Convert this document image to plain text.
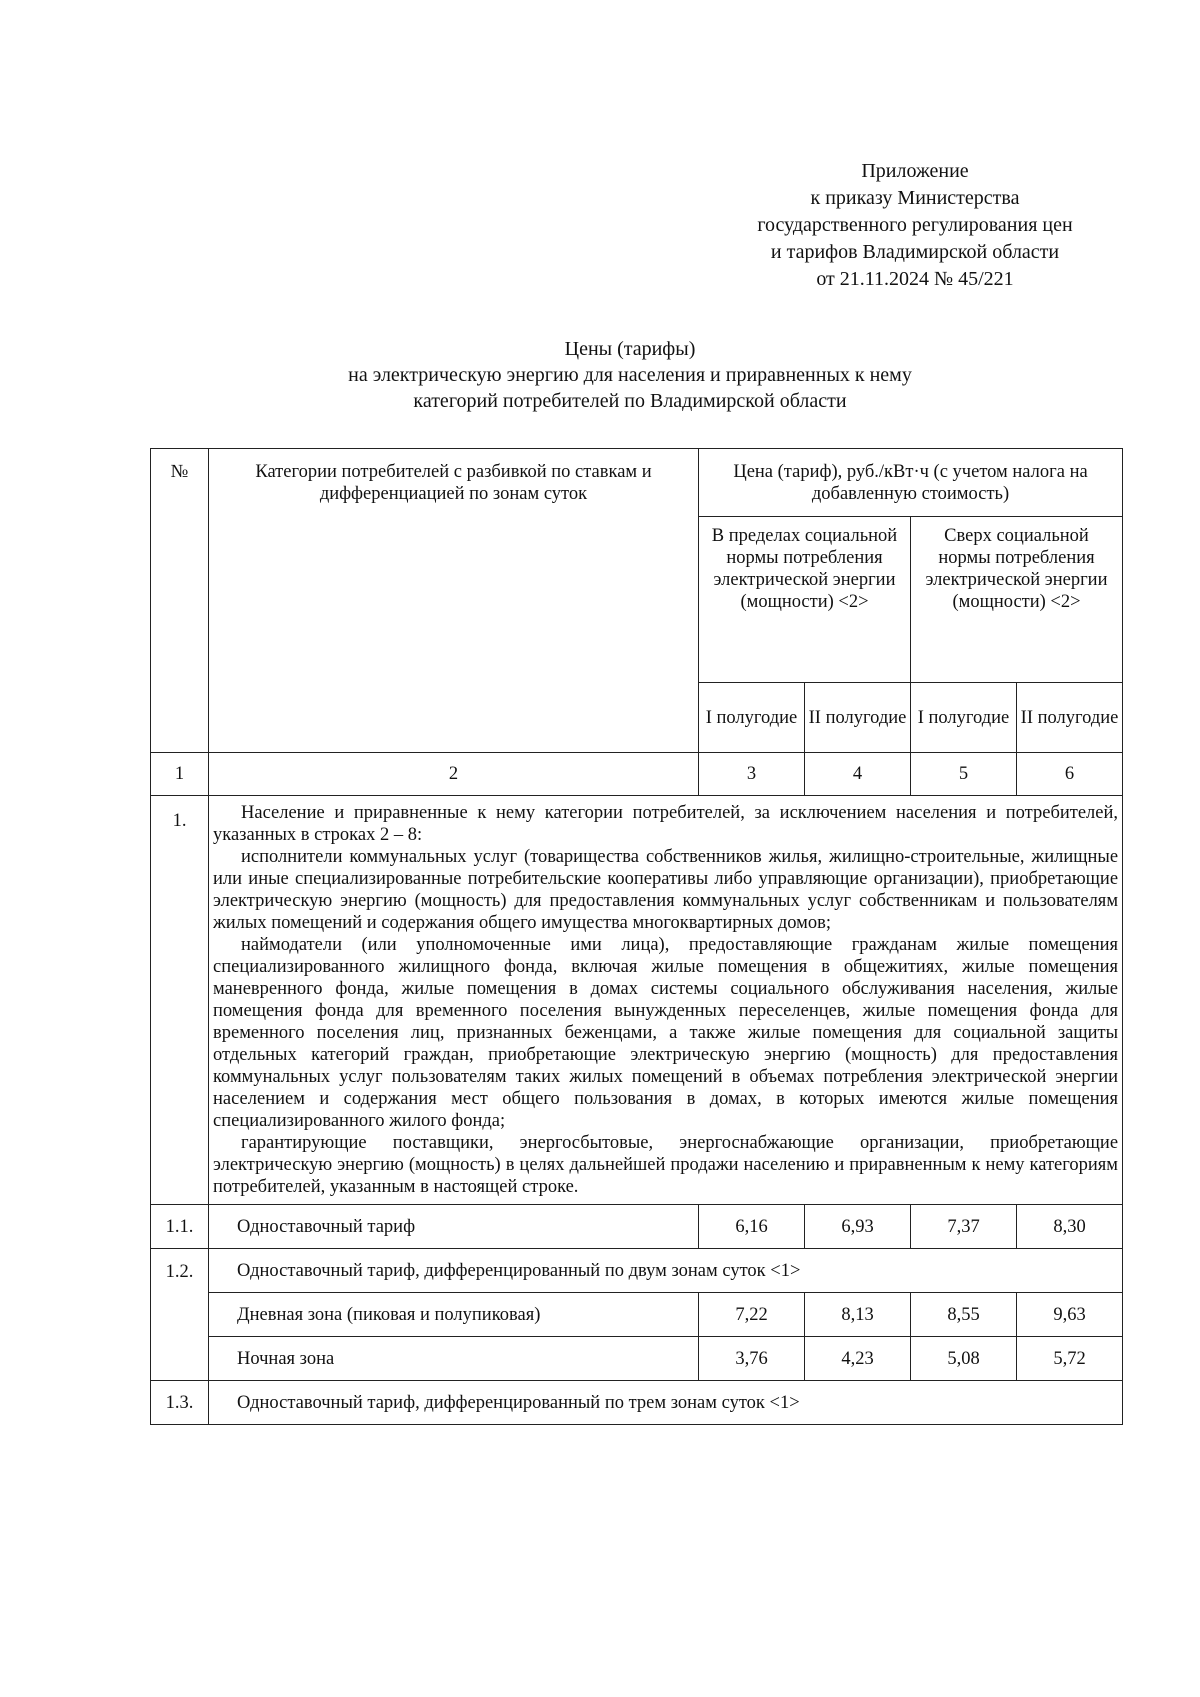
Приложение
к приказу Министерства
государственного регулирования цен
и тарифов Владимирской области
от 21.11.2024 № 45/221
Цены (тарифы)
на электрическую энергию для населения и приравненных к нему
категорий потребителей по Владимирской области
№	Категории потребителей с разбивкой по ставкам и дифференциацией по зонам суток	Цена (тариф), руб./кВт·ч (с учетом налога на добавленную стоимость)			
		В пределах социальной нормы потребления электрической энергии (мощности) <2>		Сверх социальной нормы потребления электрической энергии (мощности) <2>	
		I полугодие	II полугодие	I полугодие	II полугодие
1	2	3	4	5	6
1.	Население и приравненные к нему категории потребителей, за исключением населения и потребителей, указанных в строках 2 – 8:

исполнители коммунальных услуг (товарищества собственников жилья, жилищно-строительные, жилищные или иные специализированные потребительские кооперативы либо управляющие организации), приобретающие электрическую энергию (мощность) для предоставления коммунальных услуг собственникам и пользователям жилых помещений и содержания общего имущества многоквартирных домов;

наймодатели (или уполномоченные ими лица), предоставляющие гражданам жилые помещения специализированного жилищного фонда, включая жилые помещения в общежитиях, жилые помещения маневренного фонда, жилые помещения в домах системы социального обслуживания населения, жилые помещения фонда для временного поселения вынужденных переселенцев, жилые помещения фонда для временного поселения лиц, признанных беженцами, а также жилые помещения для социальной защиты отдельных категорий граждан, приобретающие электрическую энергию (мощность) для предоставления коммунальных услуг пользователям таких жилых помещений в объемах потребления электрической энергии населением и содержания мест общего пользования в домах, в которых имеются жилые помещения специализированного жилого фонда;

гарантирующие поставщики, энергосбытовые, энергоснабжающие организации, приобретающие электрическую энергию (мощность) в целях дальнейшей продажи населению и приравненным к нему категориям потребителей, указанным в настоящей строке.				

1.1.	Одноставочный тариф	6,16	6,93	7,37	8,30
1.2.	Одноставочный тариф, дифференцированный по двум зонам суток <1>				
	Дневная зона (пиковая и полупиковая)	7,22	8,13	8,55	9,63
	Ночная зона	3,76	4,23	5,08	5,72
1.3.	Одноставочный тариф, дифференцированный по трем зонам суток <1>				
